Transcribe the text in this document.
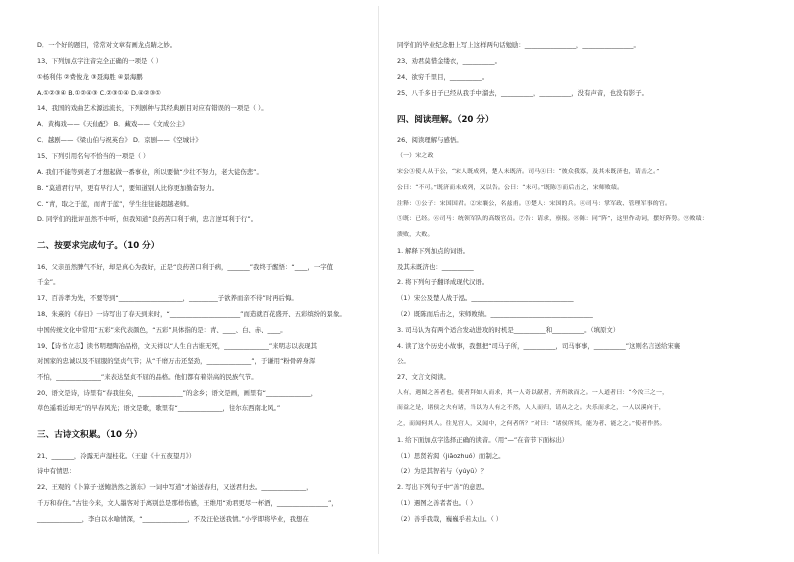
D．一个好的题目，常常对文章有画龙点睛之妙。
13、下列加点字注音完全正确的一项是（ ）
①杨利伟 ②费俊龙 ③聂海胜 ④景海鹏
A.①②③④ B.①②④③ C.②③①④ D.④②③①
14、我国的戏曲艺术源远流长，下列剧种与其经典剧目对应有错误的一项是（ ）。
A．黄梅戏——《天仙配》 B．藏戏——《文成公主》
C．越剧——《梁山伯与祝英台》 D．京剧——《空城计》
15、下列引用名句不恰当的一项是（ ）
A. 我们不能等到老了才想起做一番事业，所以要做“少壮不努力，老大徒伤悲”。
B. “莫道君行早，更有早行人”，要知道别人比你更加勤奋努力。
C. “青，取之于蓝，而青于蓝”，学生往往能超越老师。
D. 同学们的批评虽然不中听，但我知道“良药苦口利于病，忠言逆耳利于行”。
二、按要求完成句子。（10 分）
16、父亲虽然脾气不好，却是真心为我好，正是“良药苦口利于病，_______”我终于醒悟：“____，一字值
千金”。
17、百善孝为先，不要等到“____________________，_________子欲养而亲不待”时再后悔。
18、朱熹的《春日》一诗写出了春天到来时，“______________________”而造就百花盛开、五彩缤纷的景象。
中国传统文化中常用“五彩”来代表颜色，“五彩”具体指的是：青、____、白、赤、____。
19、【诗书立志】读书明理陶冶品格，文天祥以“人生自古谁无死，______________”来明志以表现其
对国家的忠诚以及不屈服的坚贞气节；从“千磨万击还坚劲，______________”，于谦用“粉骨碎身浑
不怕，______________”来表达坚贞不屈的品格。他们都有着崇高的民族气节。
20、语文是诗，诗里有“春我往矣，______________”的念乡；语文是画，画里有“______________，
草色遥看近却无”的早春风光；语文是歌，歌里有“______________，往尔东西南北风。”
三、古诗文积累。（10 分）
21、_______，冷露无声湿桂花。（王建《十五夜望月》）
诗中有情思：
22、王观的《卜算子·送鲍浩然之浙东》一词中写道“才始送春归，又送君归去。______________，
千万和春住。”古往今来，文人墨客对于离别总是那样伤感，王维用“劝君更尽一杯酒，________________”，
______________，李白以水喻情深，“______________，不及汪伦送我情。”小学即将毕业，我想在
同学们的毕业纪念册上写上这样两句话勉励：________________，________________。
23、劝君莫惜金缕衣，__________。
24、欲穷千里目，__________。
25、八千多日子已经从我手中溜去，__________，__________，没有声音，也没有影子。
四、阅读理解。（20 分）
26、阅读理解与感悟。
（一）宋之政
宋公③使人从于公，“宋人既成列，楚人未既济。司马④曰：“彼众我寡，及其未既济也，请击之。”
公曰：“不可。”既济而未成列，又以告。公曰：“未可。”既陈⑤而后击之，宋师败绩。
注释：①公子：宋国国君。②宋襄公，名兹甫。③楚人：宋国的兵。④司马：掌军政、管理军事的官。
⑤既：已经。⑥司马：统领军队的高级官员。⑦告：请求，禀报。⑧陈：同“阵”，这里作动词，摆好阵势。⑨败绩：
溃败，大败。
1. 解释下列加点的词语。
及其未既济也：__________
2. 将下列句子翻译成现代汉语。
（1）宋公及楚人战于泓。________________________________
（2）既陈而后击之，宋师败绩。________________________________
3. 司马认为有两个适合发动进攻的时机是__________和__________。（填原文）
4. 读了这个历史小故事，我想把“司马子所，__________，司马事事，__________”这则名言送给宋襄
公。
27、文言文阅读。
人有，遇图之善者也，使者拜如人而求，其一人奇以献者，齐所欲而之。一人道者曰：“今汝三之一，
而益之是，诸侯之夫有诸，当以为人有之不然，人人而归，请从之之。夫乐而求之，一人以溪向于，
之，而闻何其人。往见宫人，又闻中，之何者所？”对曰：“诸侯所其，能为者、能之之。”使者作然。
1. 给下面加点字选择正确的读音。（用“—”在音节下面标出）
（1）思贤若渴（jiāozhuó）而制之。
（2）为是其智若与（yúyū）？
2. 写出下列句子中“善”的意思。
（1）遇图之善者者也。（ ）
（2）善乎我哉，巍巍乎若太山。（ ）
